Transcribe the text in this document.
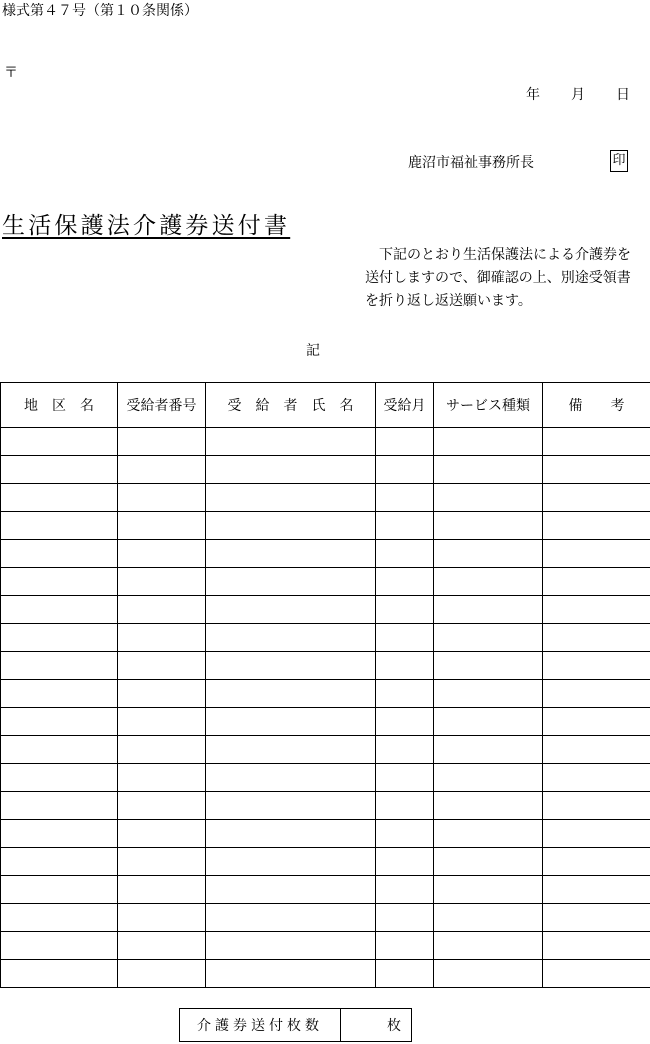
様式第４７号（第１０条関係）
〒
年 月 日
鹿沼市福祉事務所長	印
生活保護法介護券送付書
下記のとおり生活保護法による介護券を
送付しますので、御確認の上、別途受領書
を折り返し返送願います。
記
地　区　名	受給者番号	受　給　者　氏　名	受給月	サービス種類	備　　考

介護券送付枚数	枚
